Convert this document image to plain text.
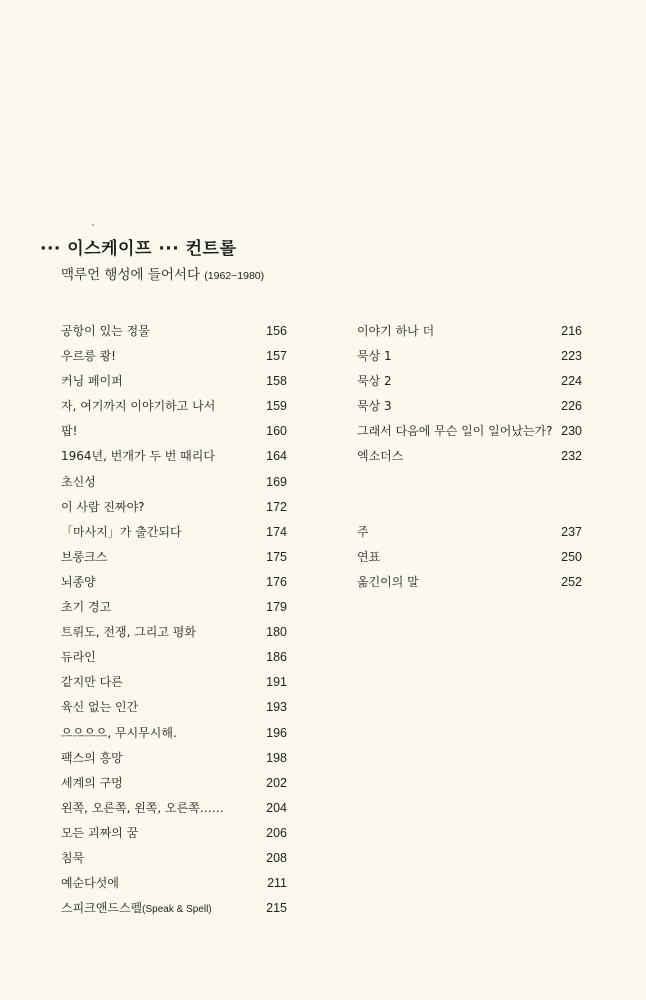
··· 이스케이프 ··· 컨트롤
맥루언 행성에 들어서다 (1962~1980)
공항이 있는 정물	156
우르릉 쾅!	157
커닝 페이퍼	158
자, 여기까지 이야기하고 나서	159
팝!	160
1964년, 번개가 두 번 때리다	164
초신성	169
이 사람 진짜야?	172
「마사지」가 출간되다	174
브롱크스	175
뇌종양	176
초기 경고	179
트뤼도, 전쟁, 그리고 평화	180
듀라인	186
같지만 다른	191
육신 없는 인간	193
으으으으, 무시무시해.	196
팩스의 흥망	198
세계의 구멍	202
왼쪽, 오른쪽, 왼쪽, 오른쪽……	204
모든 괴짜의 꿈	206
침묵	208
예순다섯에	211
스피크앤드스펠(Speak & Spell)	215
이야기 하나 더	216
묵상 1	223
묵상 2	224
묵상 3	226
그래서 다음에 무슨 일이 일어났는가? 230
엑소더스	232
주	237
연표	250
옮긴이의 말	252
